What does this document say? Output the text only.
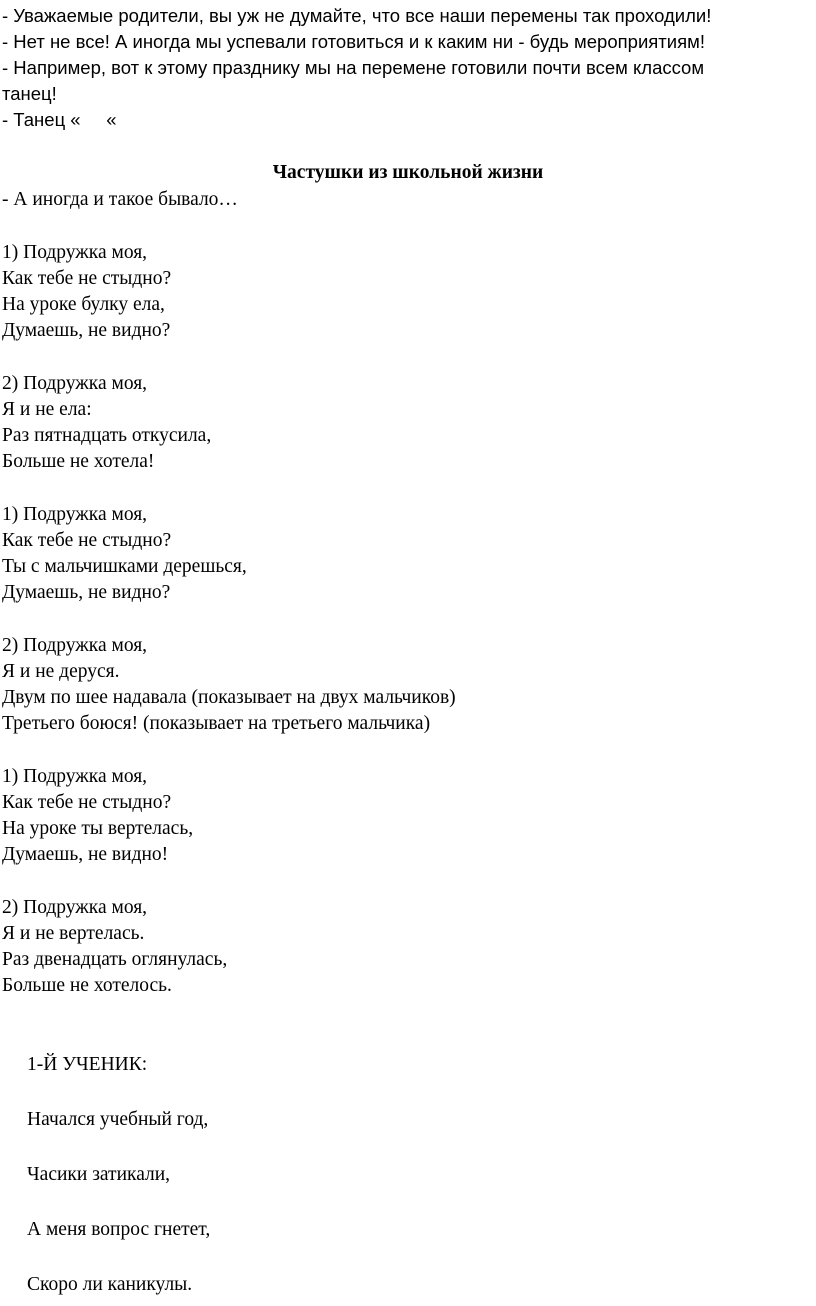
- Уважаемые родители, вы уж не думайте, что все наши перемены так проходили!
- Нет не все! А иногда мы успевали готовиться и к каким ни - будь мероприятиям!
- Например, вот к этому празднику мы на перемене готовили почти всем классом
танец!
- Танец «     «
Частушки из школьной жизни
- А иногда и такое бывало…
1) Подружка моя,
Как тебе не стыдно?
На уроке булку ела,
Думаешь, не видно?
2) Подружка моя,
Я и не ела:
Раз пятнадцать откусила,
Больше не хотела!
1) Подружка моя,
Как тебе не стыдно?
Ты с мальчишками дерешься,
Думаешь, не видно?
2) Подружка моя,
Я и не деруся.
Двум по шее надавала (показывает на двух мальчиков)
Третьего боюся! (показывает на третьего мальчика)
1) Подружка моя,
Как тебе не стыдно?
На уроке ты вертелась,
Думаешь, не видно!
2) Подружка моя,
Я и не вертелась.
Раз двенадцать оглянулась,
Больше не хотелось.
1-Й УЧЕНИК:
Начался учебный год,
Часики затикали,
А меня вопрос гнетет,
Скоро ли каникулы.
